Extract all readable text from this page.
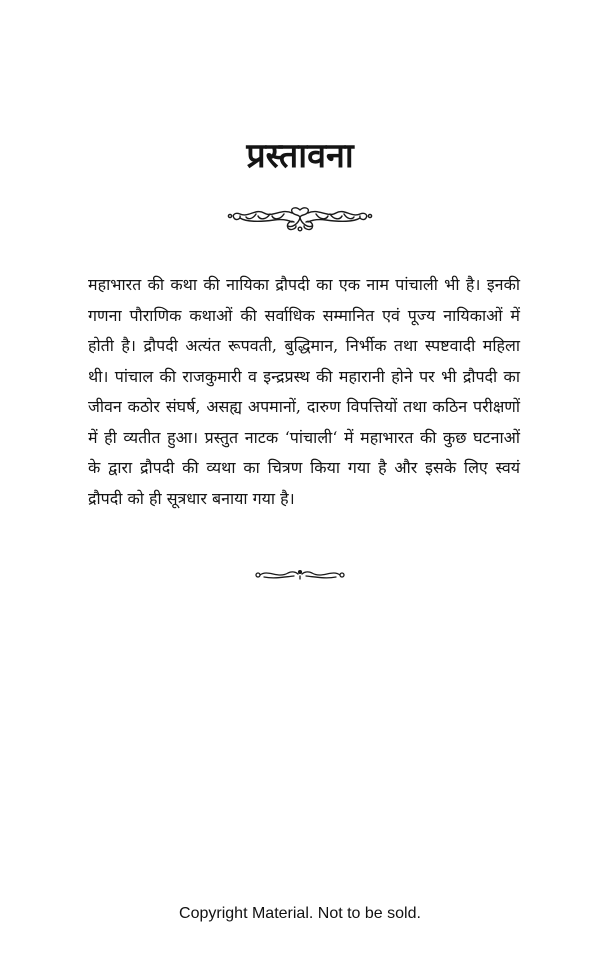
प्रस्तावना

महाभारत की कथा की नायिका द्रौपदी का एक नाम पांचाली भी है। इनकी गणना पौराणिक कथाओं की सर्वाधिक सम्मानित एवं पूज्य नायिकाओं में होती है। द्रौपदी अत्यंत रूपवती, बुद्धिमान, निर्भीक तथा स्पष्टवादी महिला थी। पांचाल की राजकुमारी व इन्द्रप्रस्थ की महारानी होने पर भी द्रौपदी का जीवन कठोर संघर्ष, असह्य अपमानों, दारुण विपत्तियों तथा कठिन परीक्षणों में ही व्यतीत हुआ। प्रस्तुत नाटक ‘पांचाली‘ में महाभारत की कुछ घटनाओं के द्वारा द्रौपदी की व्यथा का चित्रण किया गया है और इसके लिए स्वयं द्रौपदी को ही सूत्रधार बनाया गया है।

Copyright Material. Not to be sold.
